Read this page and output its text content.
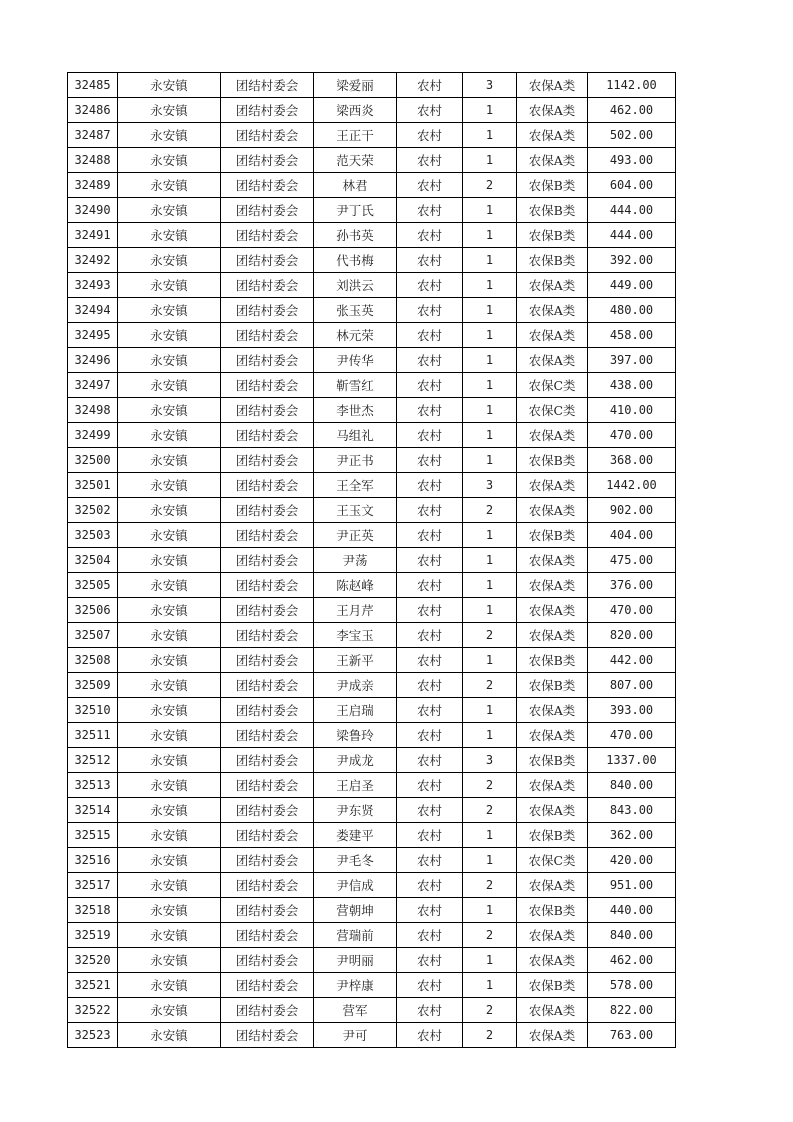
32485	永安镇	团结村委会	梁爱丽	农村	3	农保A类	1142.00
32486	永安镇	团结村委会	梁西炎	农村	1	农保A类	462.00
32487	永安镇	团结村委会	王正干	农村	1	农保A类	502.00
32488	永安镇	团结村委会	范天荣	农村	1	农保A类	493.00
32489	永安镇	团结村委会	林君	农村	2	农保B类	604.00
32490	永安镇	团结村委会	尹丁氏	农村	1	农保B类	444.00
32491	永安镇	团结村委会	孙书英	农村	1	农保B类	444.00
32492	永安镇	团结村委会	代书梅	农村	1	农保B类	392.00
32493	永安镇	团结村委会	刘洪云	农村	1	农保A类	449.00
32494	永安镇	团结村委会	张玉英	农村	1	农保A类	480.00
32495	永安镇	团结村委会	林元荣	农村	1	农保A类	458.00
32496	永安镇	团结村委会	尹传华	农村	1	农保A类	397.00
32497	永安镇	团结村委会	靳雪红	农村	1	农保C类	438.00
32498	永安镇	团结村委会	李世杰	农村	1	农保C类	410.00
32499	永安镇	团结村委会	马组礼	农村	1	农保A类	470.00
32500	永安镇	团结村委会	尹正书	农村	1	农保B类	368.00
32501	永安镇	团结村委会	王全军	农村	3	农保A类	1442.00
32502	永安镇	团结村委会	王玉文	农村	2	农保A类	902.00
32503	永安镇	团结村委会	尹正英	农村	1	农保B类	404.00
32504	永安镇	团结村委会	尹荡	农村	1	农保A类	475.00
32505	永安镇	团结村委会	陈赵峰	农村	1	农保A类	376.00
32506	永安镇	团结村委会	王月芹	农村	1	农保A类	470.00
32507	永安镇	团结村委会	李宝玉	农村	2	农保A类	820.00
32508	永安镇	团结村委会	王新平	农村	1	农保B类	442.00
32509	永安镇	团结村委会	尹成亲	农村	2	农保B类	807.00
32510	永安镇	团结村委会	王启瑞	农村	1	农保A类	393.00
32511	永安镇	团结村委会	梁鲁玲	农村	1	农保A类	470.00
32512	永安镇	团结村委会	尹成龙	农村	3	农保B类	1337.00
32513	永安镇	团结村委会	王启圣	农村	2	农保A类	840.00
32514	永安镇	团结村委会	尹东贤	农村	2	农保A类	843.00
32515	永安镇	团结村委会	娄建平	农村	1	农保B类	362.00
32516	永安镇	团结村委会	尹毛冬	农村	1	农保C类	420.00
32517	永安镇	团结村委会	尹信成	农村	2	农保A类	951.00
32518	永安镇	团结村委会	营朝坤	农村	1	农保B类	440.00
32519	永安镇	团结村委会	营瑞前	农村	2	农保A类	840.00
32520	永安镇	团结村委会	尹明丽	农村	1	农保A类	462.00
32521	永安镇	团结村委会	尹梓康	农村	1	农保B类	578.00
32522	永安镇	团结村委会	营军	农村	2	农保A类	822.00
32523	永安镇	团结村委会	尹可	农村	2	农保A类	763.00
